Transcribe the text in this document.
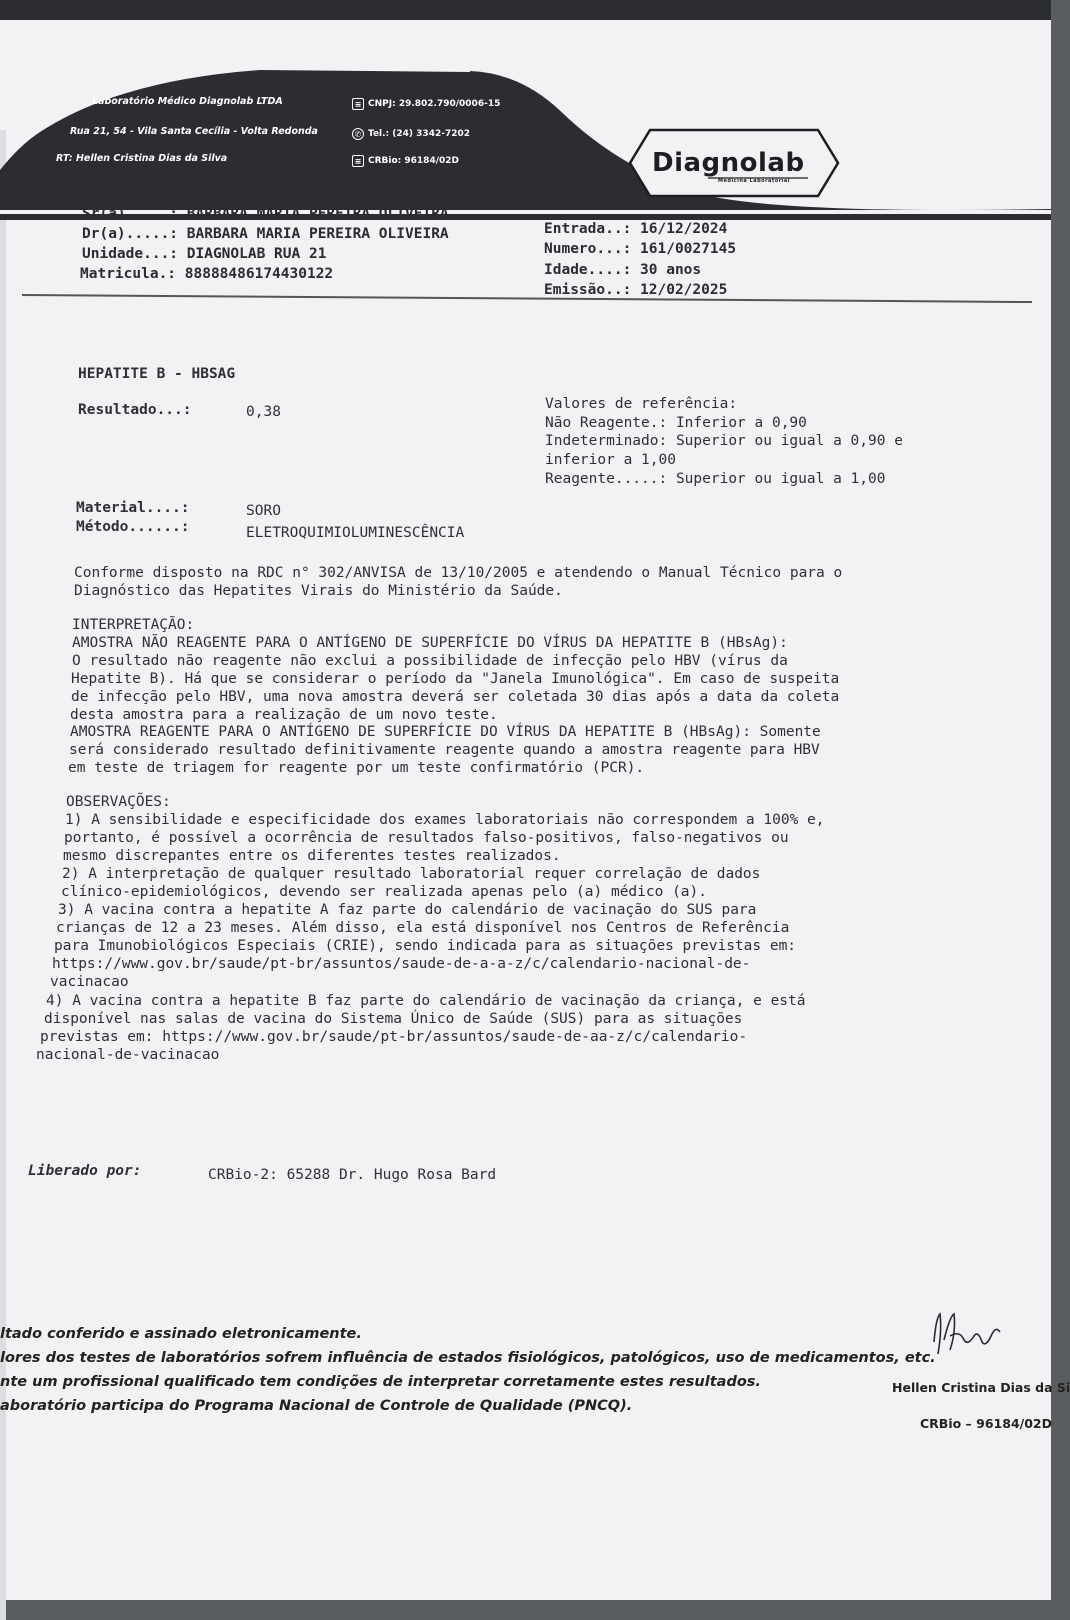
Laboratório Médico Diagnolab LTDA
Rua 21, 54 - Vila Santa Cecília - Volta Redonda
RT: Hellen Cristina Dias da Silva
≡ CNPJ: 29.802.790/0006-15
✆ Tel.: (24) 3342-7202
≡ CRBio: 96184/02D	Diagnolab
Medicina Laboratorial
Sr(a).....: BARBARA MARIA PEREIRA OLIVEIRA
Dr(a).....: BARBARA MARIA PEREIRA OLIVEIRA
Unidade...: DIAGNOLAB RUA 21
Matricula.: 8888848617443012​2
Entrada..: 16/12/2024
Numero...: 161/0027145
Idade....: 30 anos
Emissão..: 12/02/2025
HEPATITE B - HBSAG
Resultado...:	0,38	Valores de referência:
Não Reagente.: Inferior a 0,90
Indeterminado: Superior ou igual a 0,90 e
inferior a 1,00
Reagente.....: Superior ou igual a 1,00
Material....:	SORO
Método......:	ELETROQUIMIOLUMINESCÊNCIA
Conforme disposto na RDC n° 302/ANVISA de 13/10/2005 e atendendo o Manual Técnico para o
Diagnóstico das Hepatites Virais do Ministério da Saúde.
INTERPRETAÇÃO:
AMOSTRA NÃO REAGENTE PARA O ANTÍGENO DE SUPERFÍCIE DO VÍRUS DA HEPATITE B (HBsAg):
O resultado não reagente não exclui a possibilidade de infecção pelo HBV (vírus da
Hepatite B). Há que se considerar o período da "Janela Imunológica". Em caso de suspeita
de infecção pelo HBV, uma nova amostra deverá ser coletada 30 dias após a data da coleta
desta amostra para a realização de um novo teste.
AMOSTRA REAGENTE PARA O ANTÍGENO DE SUPERFÍCIE DO VÍRUS DA HEPATITE B (HBsAg): Somente
será considerado resultado definitivamente reagente quando a amostra reagente para HBV
em teste de triagem for reagente por um teste confirmatório (PCR).
OBSERVAÇÕES:
1) A sensibilidade e especificidade dos exames laboratoriais não correspondem a 100% e,
portanto, é possível a ocorrência de resultados falso-positivos, falso-negativos ou
mesmo discrepantes entre os diferentes testes realizados.
2) A interpretação de qualquer resultado laboratorial requer correlação de dados
clínico-epidemiológicos, devendo ser realizada apenas pelo (a) médico (a).
3) A vacina contra a hepatite A faz parte do calendário de vacinação do SUS para
crianças de 12 a 23 meses. Além disso, ela está disponível nos Centros de Referência
para Imunobiológicos Especiais (CRIE), sendo indicada para as situações previstas em:
https://www.gov.br/saude/pt-br/assuntos/saude-de-a-a-z/c/calendario-nacional-de-
vacinacao
4) A vacina contra a hepatite B faz parte do calendário de vacinação da criança, e está
disponível nas salas de vacina do Sistema Único de Saúde (SUS) para as situações
previstas em: https://www.gov.br/saude/pt-br/assuntos/saude-de-aa-z/c/calendario-
nacional-de-vacinacao
Liberado por:	CRBio-2: 65288 Dr. Hugo Rosa Bard
ltado conferido e assinado eletronicamente.
lores dos testes de laboratórios sofrem influência de estados fisiológicos, patológicos, uso de medicamentos, etc.
nte um profissional qualificado tem condições de interpretar corretamente estes resultados.
aboratório participa do Programa Nacional de Controle de Qualidade (PNCQ).
Hellen Cristina Dias da Si
CRBio – 96184/02D
